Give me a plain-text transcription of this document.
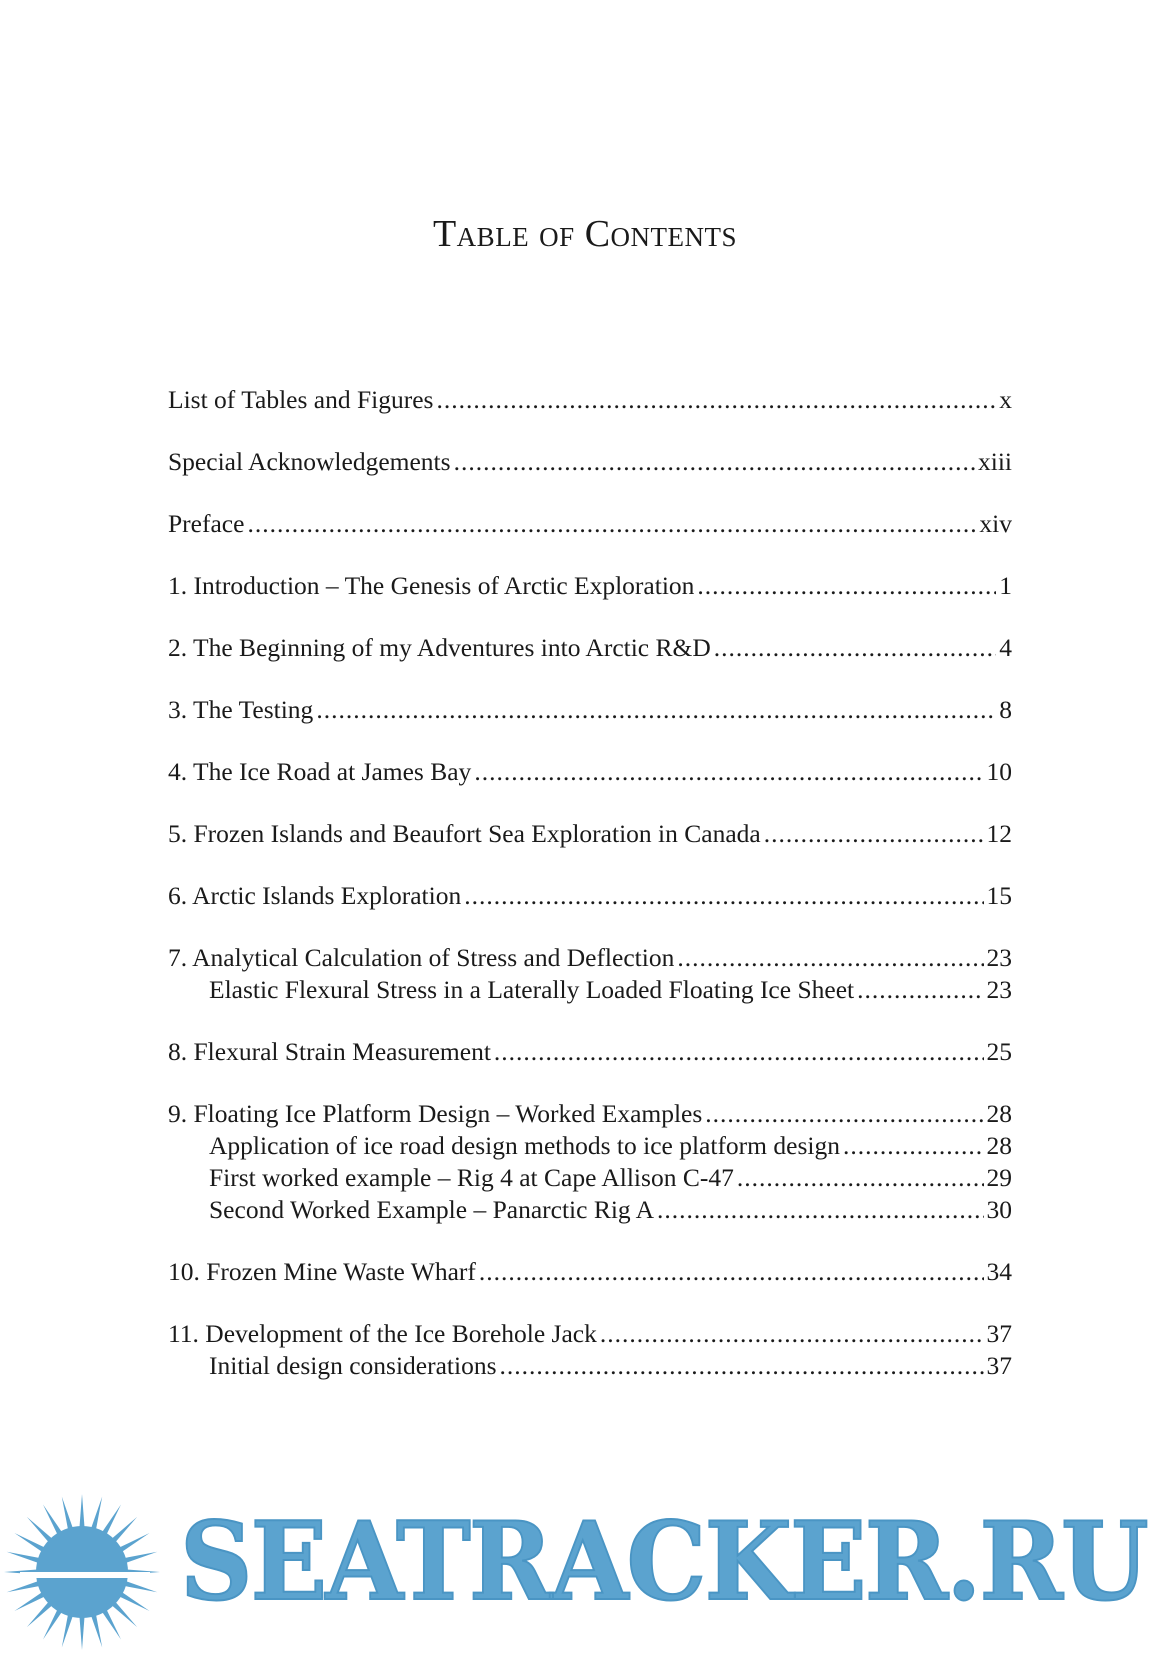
Table of Contents
List of Tables and Figures .....	x
Special Acknowledgements .....	xiii
Preface .....	xiv
1. Introduction – The Genesis of Arctic Exploration .....	1
2. The Beginning of my Adventures into Arctic R&D .....	4
3. The Testing .....	8
4. The Ice Road at James Bay .....	10
5. Frozen Islands and Beaufort Sea Exploration in Canada .....	12
6. Arctic Islands Exploration .....	15
7. Analytical Calculation of Stress and Deflection .....	23
Elastic Flexural Stress in a Laterally Loaded Floating Ice Sheet .....	23
8. Flexural Strain Measurement .....	25
9. Floating Ice Platform Design – Worked Examples .....	28
Application of ice road design methods to ice platform design .....	28
First worked example – Rig 4 at Cape Allison C-47 .....	29
Second Worked Example – Panarctic Rig A .....	30
10. Frozen Mine Waste Wharf .....	34
11. Development of the Ice Borehole Jack .....	37
Initial design considerations .....	37
SEATRACKER.RU
